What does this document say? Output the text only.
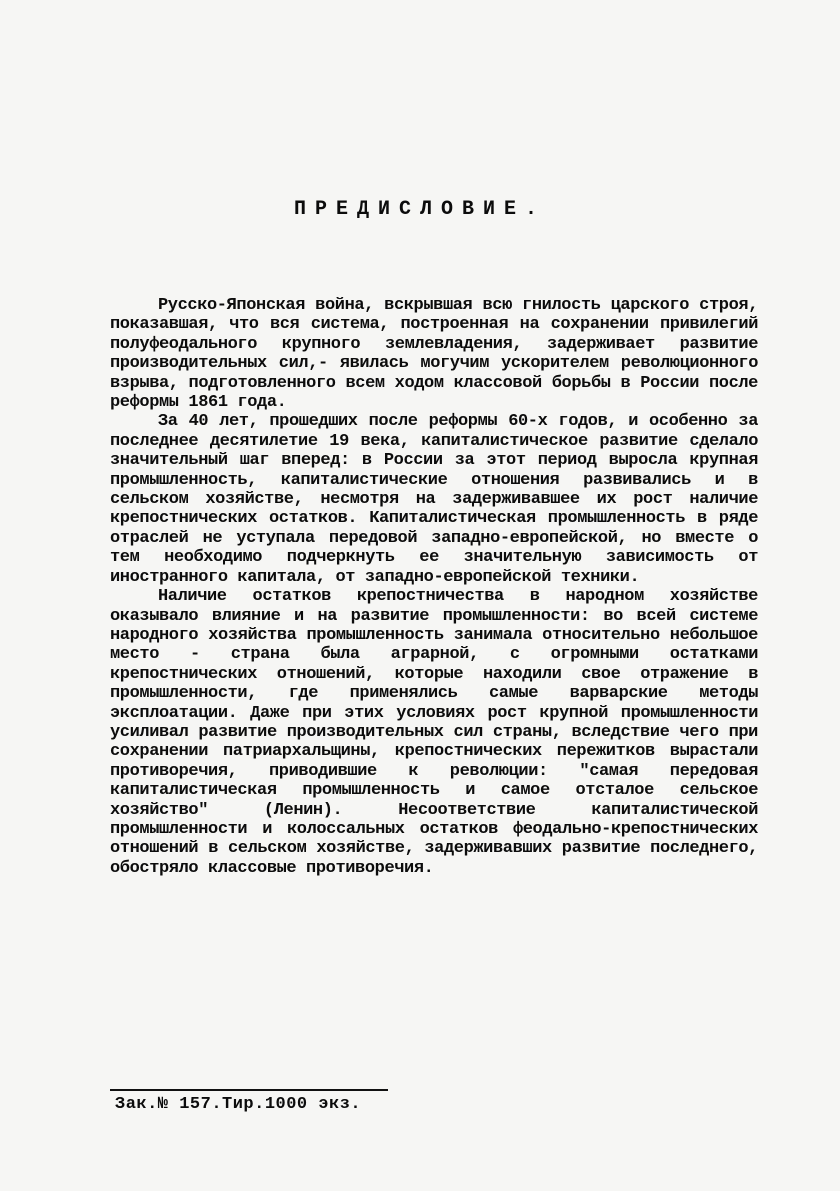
ПРЕДИСЛОВИЕ.

Русско-Японская война, вскрывшая всю гнилость царского строя, показавшая, что вся система, построенная на сохранении привилегий полуфеодального крупного землевладения, задерживает развитие производительных сил,- явилась могучим ускорителем революционного взрыва, подготовленного всем ходом классовой борьбы в России после реформы 1861 года.

За 40 лет, прошедших после реформы 60-х годов, и особенно за последнее десятилетие 19 века, капиталистическое развитие сделало значительный шаг вперед: в России за этот период выросла крупная промышленность, капиталистические отношения развивались и в сельском хозяйстве, несмотря на задерживавшее их рост наличие крепостнических остатков. Капиталистическая промышленность в ряде отраслей не уступала передовой западно-европейской, но вместе о тем необходимо подчеркнуть ее значительную зависимость от иностранного капитала, от западно-европейской техники.

Наличие остатков крепостничества в народном хозяйстве оказывало влияние и на развитие промышленности: во всей системе народного хозяйства промышленность занимала относительно небольшое место - страна была аграрной, с огромными остатками крепостнических отношений, которые находили свое отражение в промышленности, где применялись самые варварские методы эксплоатации. Даже при этих условиях рост крупной промышленности усиливал развитие производительных сил страны, вследствие чего при сохранении патриархальщины, крепостнических пережитков вырастали противоречия, приводившие к революции: "самая передовая капиталистическая промышленность и самое отсталое сельское хозяйство" (Ленин). Несоответствие капиталистической промышленности и колоссальных остатков феодально-крепостнических отношений в сельском хозяйстве, задерживавших развитие последнего, обостряло классовые противоречия.

Зак.№ 157.Тир.1000 экз.
